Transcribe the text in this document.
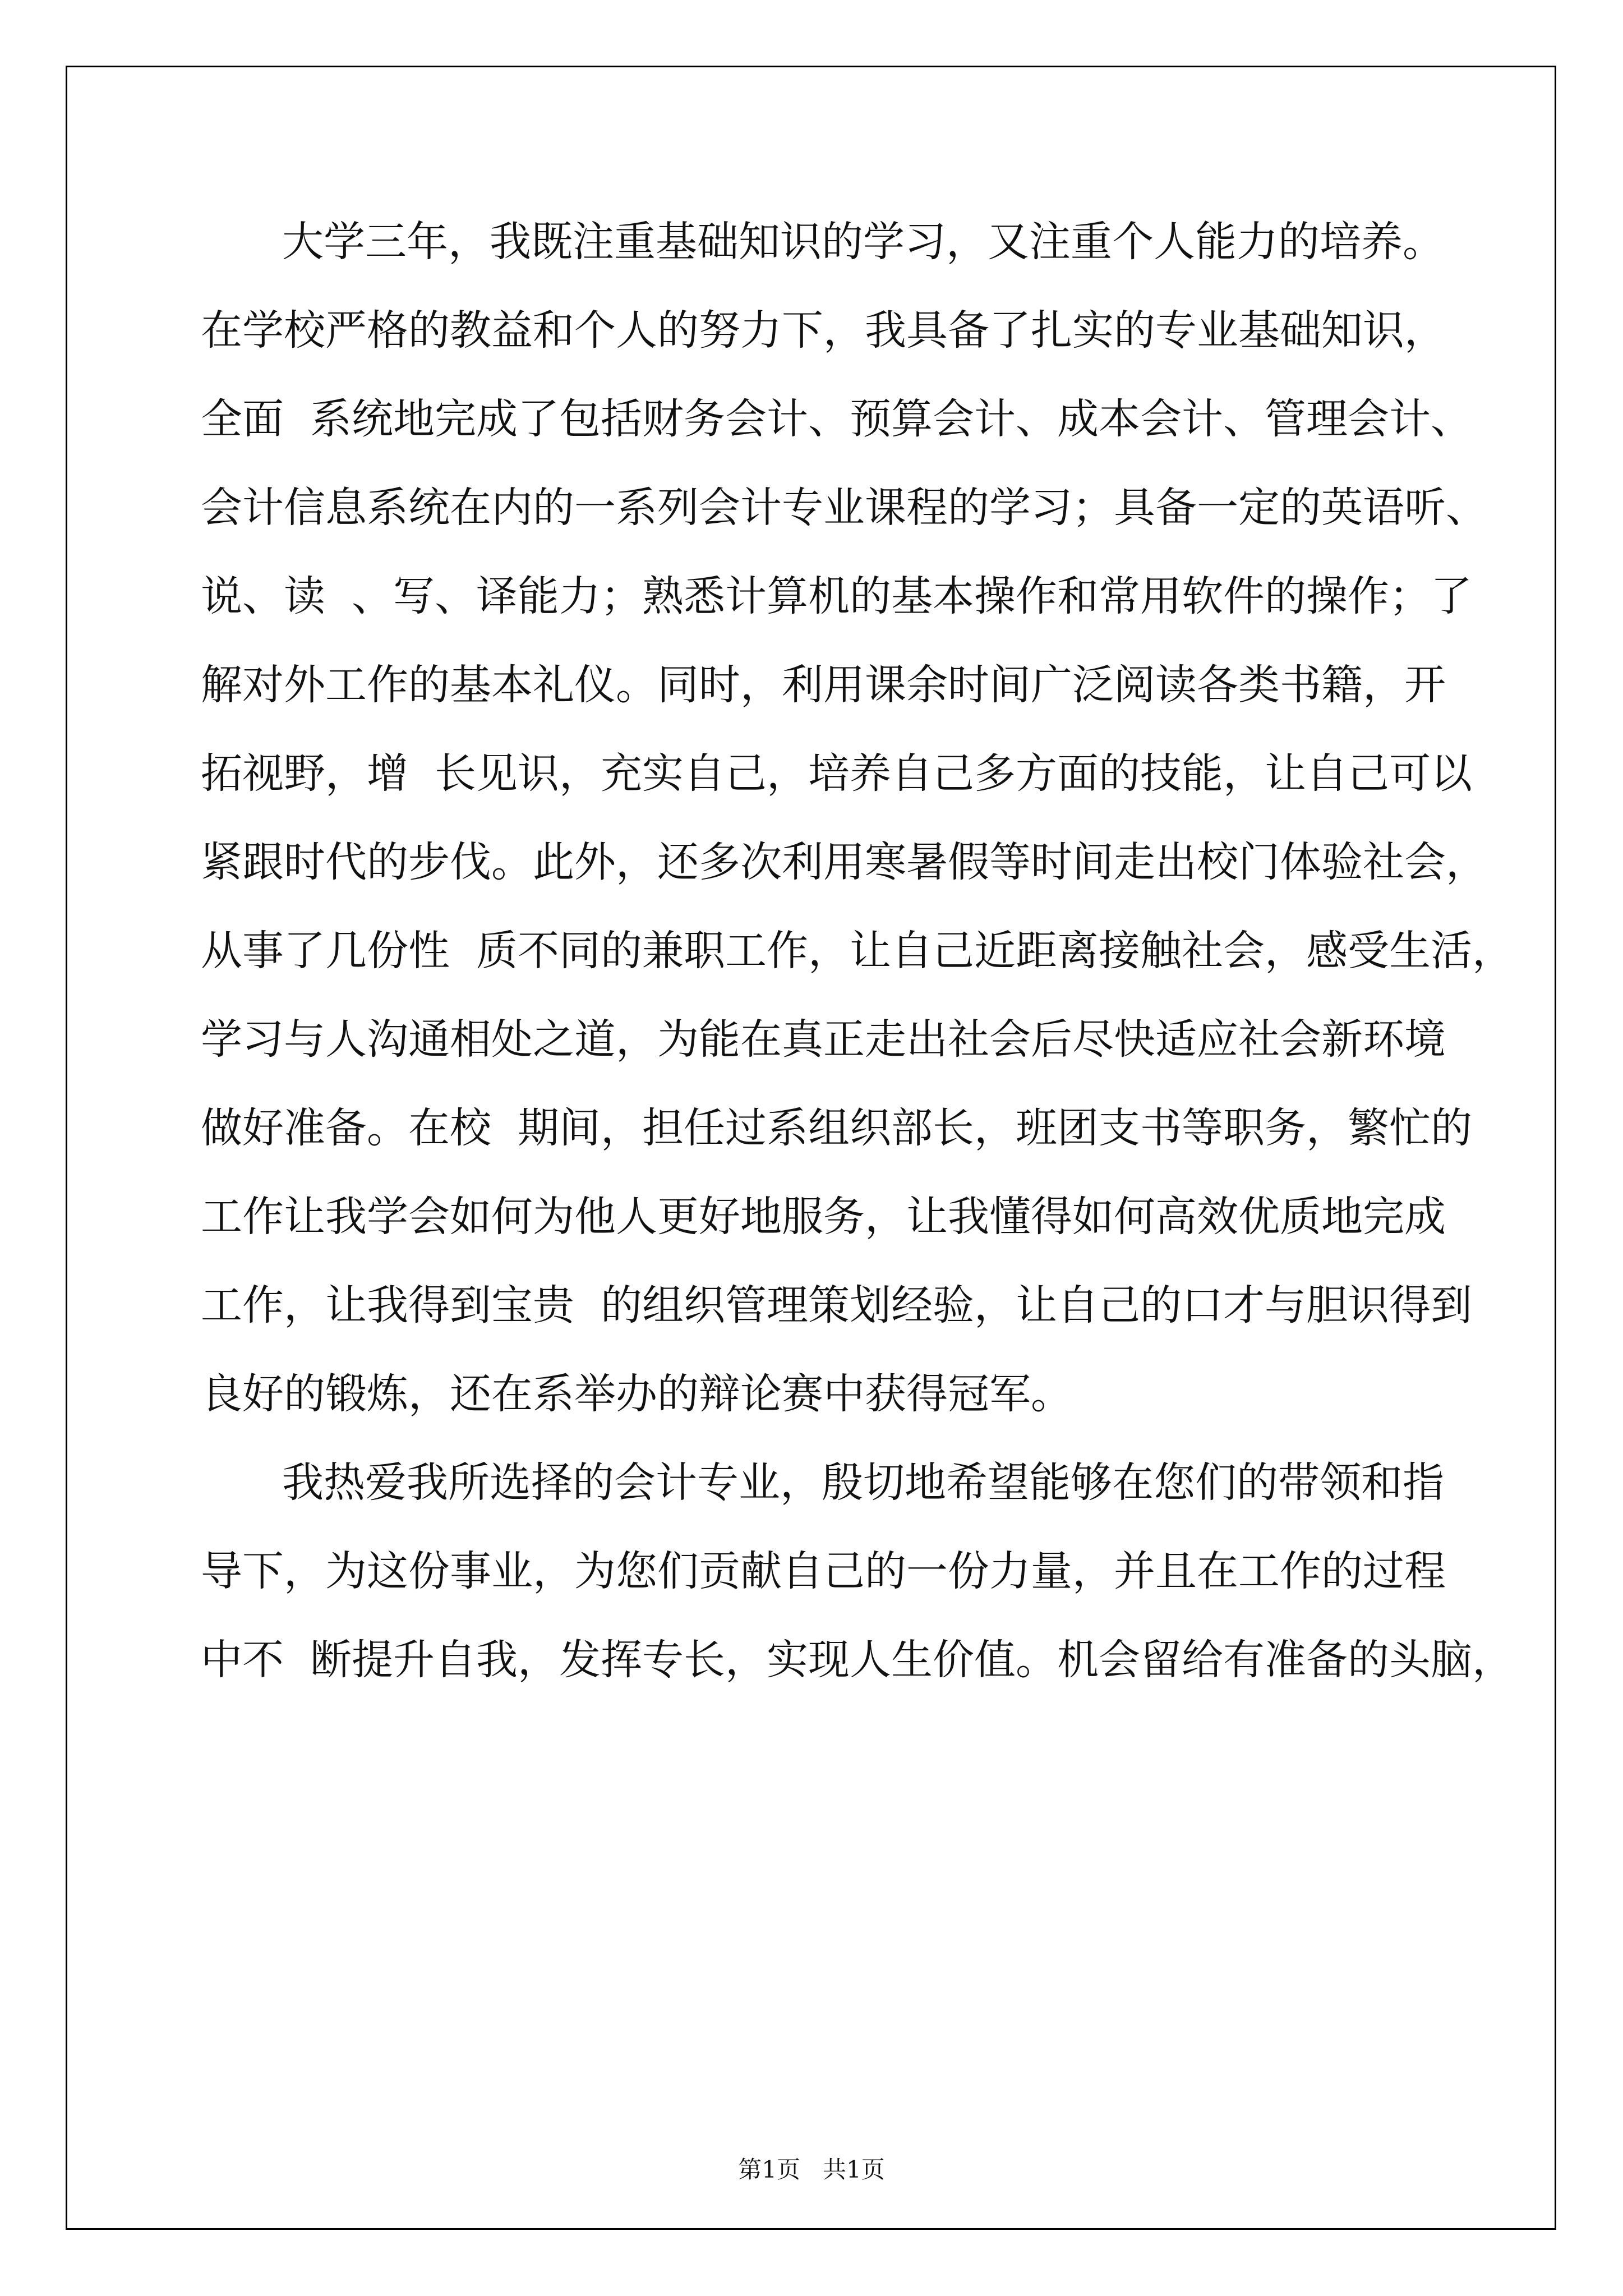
大学三年，我既注重基础知识的学习，又注重个人能力的培养。
在学校严格的教益和个人的努力下，我具备了扎实的专业基础知识，
全面  系统地完成了包括财务会计、预算会计、成本会计、管理会计、
会计信息系统在内的一系列会计专业课程的学习；具备一定的英语听、
说、读  、写、译能力；熟悉计算机的基本操作和常用软件的操作；了
解对外工作的基本礼仪。同时，利用课余时间广泛阅读各类书籍，开
拓视野，增  长见识，充实自己，培养自己多方面的技能，让自己可以
紧跟时代的步伐。此外，还多次利用寒暑假等时间走出校门体验社会，
从事了几份性  质不同的兼职工作，让自己近距离接触社会，感受生活，
学习与人沟通相处之道，为能在真正走出社会后尽快适应社会新环境
做好准备。在校  期间，担任过系组织部长，班团支书等职务，繁忙的
工作让我学会如何为他人更好地服务，让我懂得如何高效优质地完成
工作，让我得到宝贵  的组织管理策划经验，让自己的口才与胆识得到
良好的锻炼，还在系举办的辩论赛中获得冠军。
我热爱我所选择的会计专业，殷切地希望能够在您们的带领和指
导下，为这份事业，为您们贡献自己的一份力量，并且在工作的过程
中不  断提升自我，发挥专长，实现人生价值。机会留给有准备的头脑，
第1页   共1页
